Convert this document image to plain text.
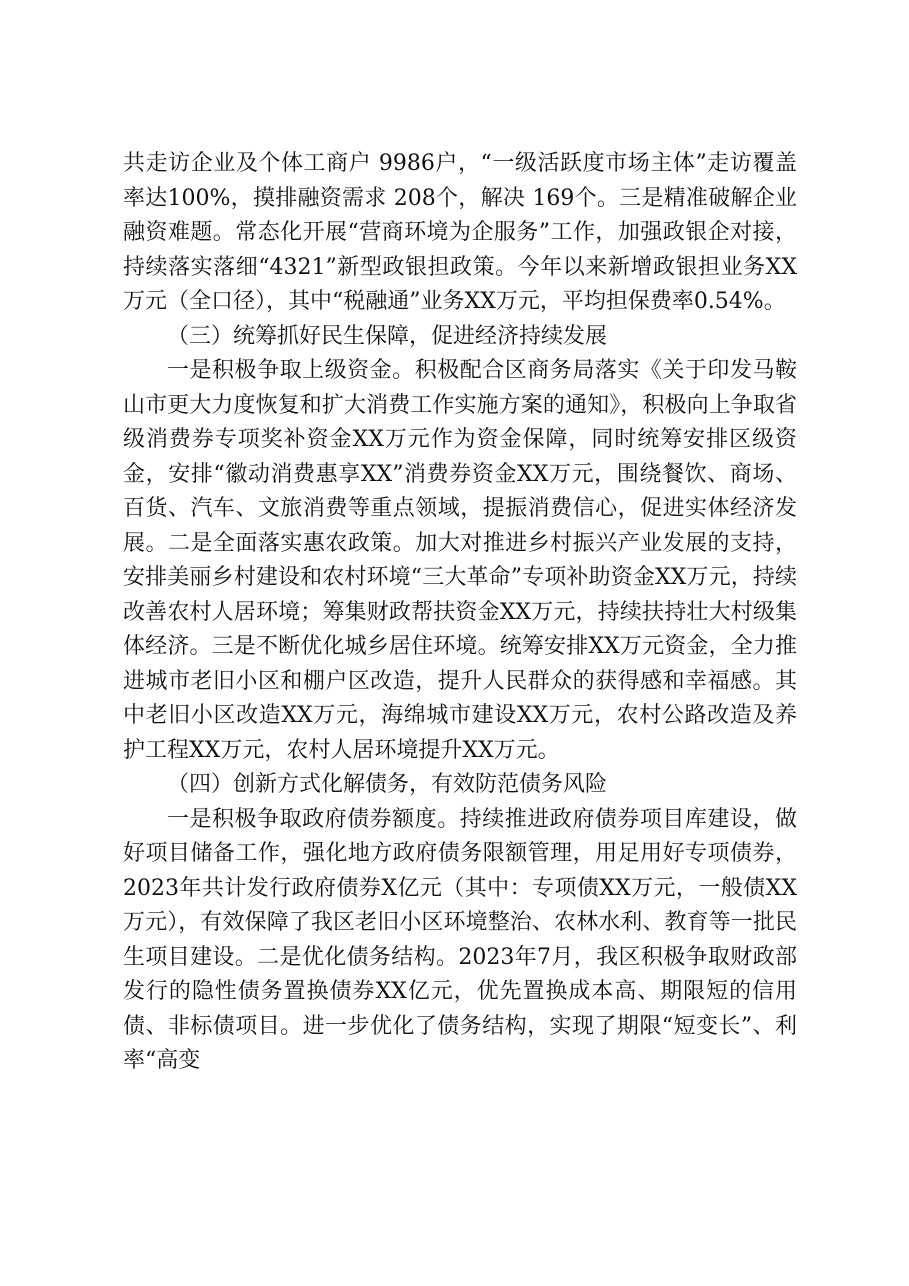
共走访企业及个体工商户 9986户，“一级活跃度市场主体”走访覆盖率达100%，摸排融资需求 208个，解决 169个。三是精准破解企业融资难题。常态化开展“营商环境为企服务”工作，加强政银企对接，持续落实落细“4321”新型政银担政策。今年以来新增政银担业务XX万元（全口径），其中“税融通”业务XX万元，平均担保费率0.54%。

（三）统筹抓好民生保障，促进经济持续发展

一是积极争取上级资金。积极配合区商务局落实《关于印发马鞍山市更大力度恢复和扩大消费工作实施方案的通知》，积极向上争取省级消费券专项奖补资金XX万元作为资金保障，同时统筹安排区级资金，安排“徽动消费惠享XX”消费券资金XX万元，围绕餐饮、商场、百货、汽车、文旅消费等重点领域，提振消费信心，促进实体经济发展。二是全面落实惠农政策。加大对推进乡村振兴产业发展的支持，安排美丽乡村建设和农村环境“三大革命”专项补助资金XX万元，持续改善农村人居环境；筹集财政帮扶资金XX万元，持续扶持壮大村级集体经济。三是不断优化城乡居住环境。统筹安排XX万元资金，全力推进城市老旧小区和棚户区改造，提升人民群众的获得感和幸福感。其中老旧小区改造XX万元，海绵城市建设XX万元，农村公路改造及养护工程XX万元，农村人居环境提升XX万元。

（四）创新方式化解债务，有效防范债务风险

一是积极争取政府债券额度。持续推进政府债券项目库建设，做好项目储备工作，强化地方政府债务限额管理，用足用好专项债券，2023年共计发行政府债券X亿元（其中：专项债XX万元，一般债XX万元），有效保障了我区老旧小区环境整治、农林水利、教育等一批民生项目建设。二是优化债务结构。2023年7月，我区积极争取财政部发行的隐性债务置换债券XX亿元，优先置换成本高、期限短的信用债、非标债项目。进一步优化了债务结构，实现了期限“短变长”、利率“高变
